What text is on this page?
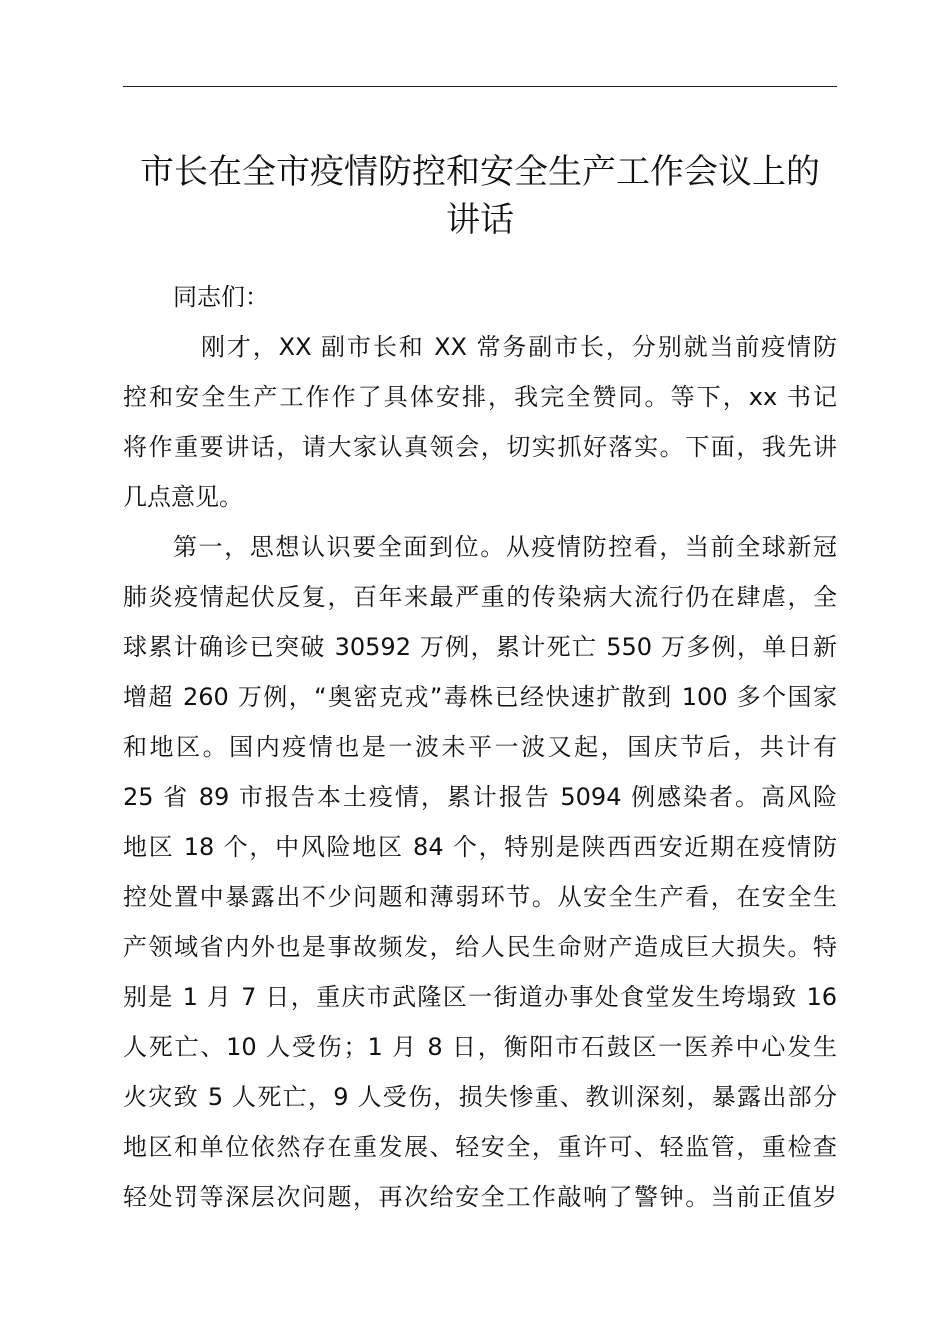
市长在全市疫情防控和安全生产工作会议上的
讲话
同志们：
刚才，XX 副市长和 XX 常务副市长，分别就当前疫情防
控和安全生产工作作了具体安排，我完全赞同。等下，xx 书记
将作重要讲话，请大家认真领会，切实抓好落实。下面，我先讲
几点意见。
第一，思想认识要全面到位。从疫情防控看，当前全球新冠
肺炎疫情起伏反复，百年来最严重的传染病大流行仍在肆虐，全
球累计确诊已突破 30592 万例，累计死亡 550 万多例，单日新
增超 260 万例，“奥密克戎”毒株已经快速扩散到 100 多个国家
和地区。国内疫情也是一波未平一波又起，国庆节后，共计有
25 省 89 市报告本土疫情，累计报告 5094 例感染者。高风险
地区 18 个，中风险地区 84 个，特别是陕西西安近期在疫情防
控处置中暴露出不少问题和薄弱环节。从安全生产看，在安全生
产领域省内外也是事故频发，给人民生命财产造成巨大损失。特
别是 1 月 7 日，重庆市武隆区一街道办事处食堂发生垮塌致 16
人死亡、10 人受伤；1 月 8 日，衡阳市石鼓区一医养中心发生
火灾致 5 人死亡，9 人受伤，损失惨重、教训深刻，暴露出部分
地区和单位依然存在重发展、轻安全，重许可、轻监管，重检查
轻处罚等深层次问题，再次给安全工作敲响了警钟。当前正值岁
